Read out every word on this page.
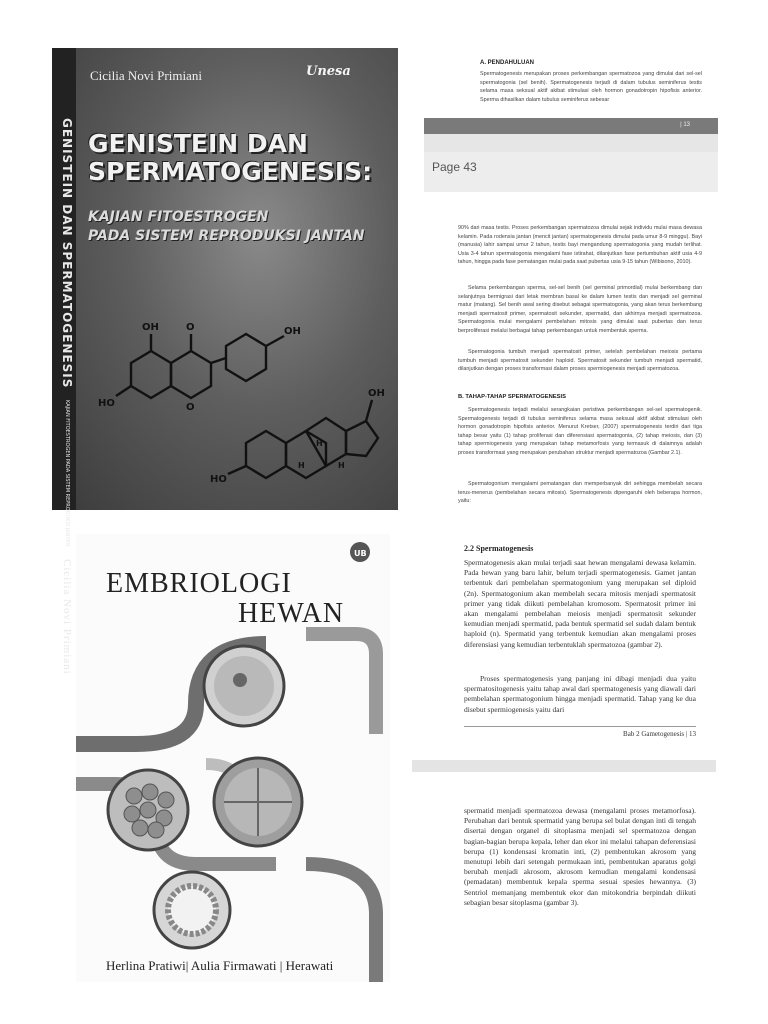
GENISTEIN DAN SPERMATOGENESIS KAJIAN FITOESTROGEN PADA SISTEM REPRODUKSI JANTAN Cicilia Novi Primiani
Cicilia Novi Primiani	Unesa
GENISTEIN DAN
SPERMATOGENESIS:
KAJIAN FITOESTROGEN
PADA SISTEM REPRODUKSI JANTAN
OH	O
HO	O
OH
OH
HO
H
H
H
A. PENDAHULUAN
Spermatogenesis merupakan proses perkembangan spermatozoa yang dimulai dari sel-sel spermatogonia (sel benih). Spermatogenesis terjadi di dalam tubulus seminiferus testis selama masa seksual aktif akibat stimulasi oleh hormon gonadotropin hipofisis anterior. Sperma dihasilkan dalam tubulus seminiferus sebesar
| 13
Page 43
90% dari masa testis. Proses perkembangan spermatozoa dimulai sejak individu mulai masa dewasa kelamin. Pada rodensia jantan (mencit jantan) spermatogenesis dimulai pada umur 8-9 minggu). Bayi (manusia) lahir sampai umur 2 tahun, testis bayi mengandung spermatogonia yang mudah terlihat. Usia 3-4 tahun spermatogonia mengalami fase istirahat, dilanjutkan fase pertumbuhan aktif usia 4-9 tahun, hingga pada fase pematangan mulai pada saat pubertas usia 9-15 tahun (Wibisono, 2010).
Selama perkembangan sperma, sel-sel benih (sel germinal primordial) mulai berkembang dan selanjutnya bermigrasi dari letak membran basal ke dalam lumen testis dan menjadi sel germinal matur (matang). Sel benih awal sering disebut sebagai spermatogonia, yang akan terus berkembang menjadi spermatosit primer, spermatosit sekunder, spermatid, dan akhirnya menjadi spermatozoa. Spermatogonia mulai mengalami pembelahan mitosis yang dimulai saat pubertas dan terus berproliferasi melalui berbagai tahap perkembangan untuk membentuk sperma.
Spermatogonia tumbuh menjadi spermatosit primer, setelah pembelahan meiosis pertama tumbuh menjadi spermatosit sekunder haploid. Spermatosit sekunder tumbuh menjadi spermatid, dilanjutkan dengan proses transformasi dalam proses spermiogenesis menjadi spermatozoa.
B. TAHAP-TAHAP SPERMATOGENESIS
Spermatogenesis terjadi melalui serangkaian peristiwa perkembangan sel-sel spermatogenik. Spermatogenesis terjadi di tubulus seminiferus selama masa seksual aktif akibat stimulasi oleh hormon gonadotropin hipofisis anterior. Menurut Kretser, (2007) spermatogenesis terdiri dari tiga tahap besar yaitu (1) tahap proliferasi dan diferensiasi spermatogonia, (2) tahap meiosis, dan (3) tahap spermiogenesis yang merupakan tahap metamorfosis yang termasuk di dalamnya adalah proses transformasi yang merupakan perubahan struktur menjadi spermatozoa (Gambar 2.1).
Spermatogonium mengalami pematangan dan memperbanyak diri sehingga membelah secara terus-menerus (pembelahan secara mitosis). Spermatogenesis dipengaruhi oleh beberapa hormon, yaitu:
UB
EMBRIOLOGI
HEWAN
Herlina Pratiwi| Aulia Firmawati | Herawati
2.2 Spermatogenesis
Spermatogenesis akan mulai terjadi saat hewan mengalami dewasa kelamin. Pada hewan yang baru lahir, belum terjadi spermatogenesis. Gamet jantan terbentuk dari pembelahan spermatogonium yang merupakan sel diploid (2n). Spermatogonium akan membelah secara mitosis menjadi spermatosit primer yang tidak diikuti pembelahan kromosom. Spermatosit primer ini akan mengalami pembelahan meiosis menjadi spermatosit sekunder kemudian menjadi spermatid, pada bentuk spermatid sel sudah dalam bentuk haploid (n). Spermatid yang terbentuk kemudian akan mengalami proses diferensiasi yang kemudian terbentuklah spermatozoa (gambar 2).
Proses spermatogenesis yang panjang ini dibagi menjadi dua yaitu spermatositogenesis yaitu tahap awal dari spermatogenesis yang diawali dari pembelahan spermatogonium hingga menjadi spermatid. Tahap yang ke dua disebut spermiogenesis yaitu dari
Bab 2 Gametogenesis | 13
spermatid menjadi spermatozoa dewasa (mengalami proses metamorfosa). Perubahan dari bentuk spermatid yang berupa sel bulat dengan inti di tengah disertai dengan organel di sitoplasma menjadi sel spermatozoa dengan bagian-bagian berupa kepala, leher dan ekor ini melalui tahapan deferensiasi berupa (1) kondensasi kromatin inti, (2) pembentukan akrosom yang menutupi lebih dari setengah permukaan inti, pembentukan aparatus golgi berubah menjadi akrosom, akrosom kemudian mengalami kondensasi (pemadatan) membentuk kepala sperma sesuai spesies hewannya. (3) Sentriol memanjang membentuk ekor dan mitokondria berpindah diikuti sebagian besar sitoplasma (gambar 3).
